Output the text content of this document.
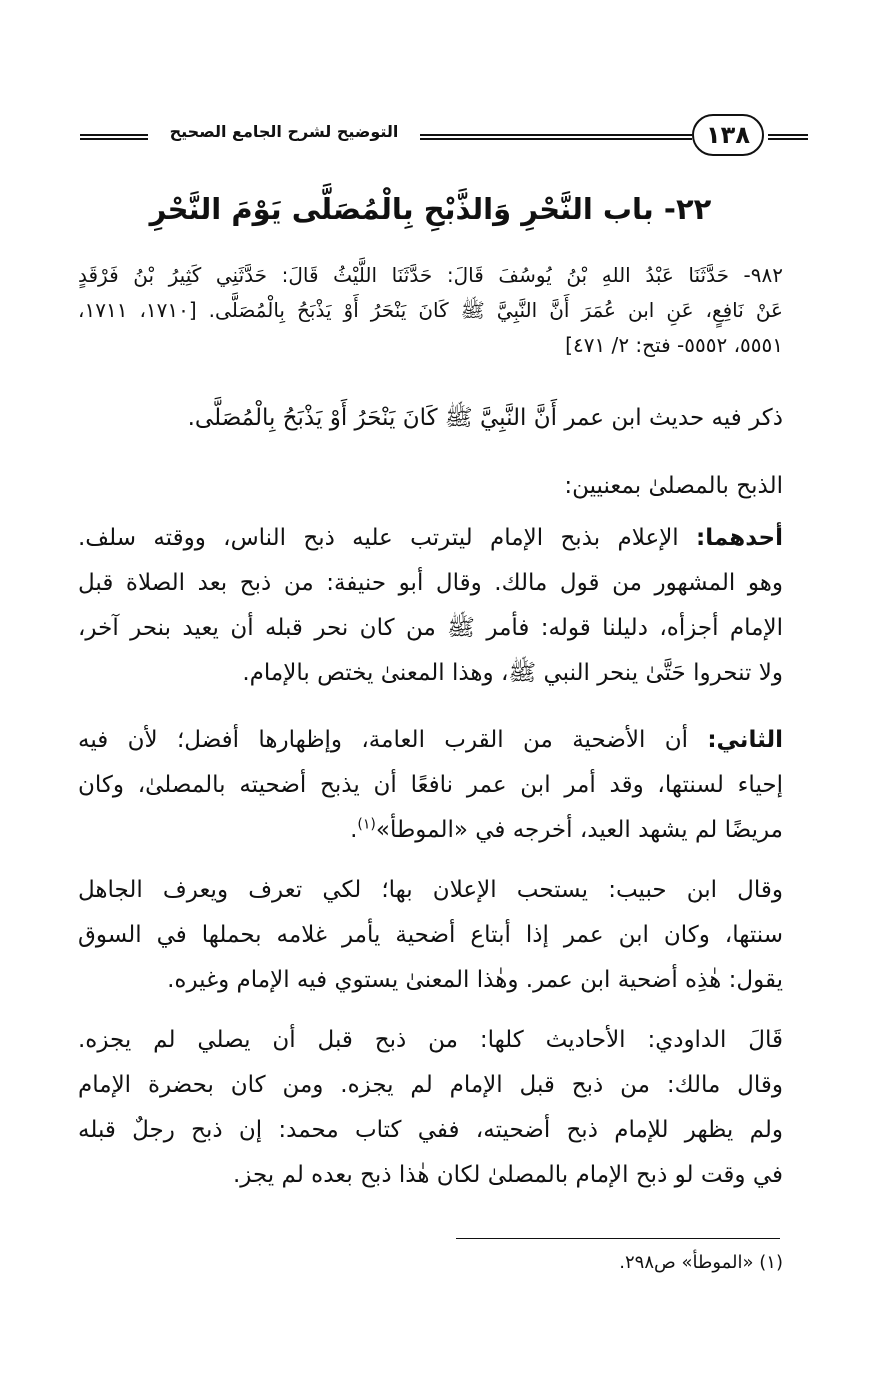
التوضيح لشرح الجامع الصحيح	١٣٨
٢٢- باب النَّحْرِ وَالذَّبْحِ بِالْمُصَلَّى يَوْمَ النَّحْرِ
٩٨٢- حَدَّثَنَا عَبْدُ اللهِ بْنُ يُوسُفَ قَالَ: حَدَّثَنَا اللَّيْثُ قَالَ: حَدَّثَنِي كَثِيرُ بْنُ فَرْقَدٍ
عَنْ نَافِعٍ، عَنِ ابن عُمَرَ أَنَّ النَّبِيَّ ﷺ كَانَ يَنْحَرُ أَوْ يَذْبَحُ بِالْمُصَلَّى. [١٧١٠، ١٧١١،
٥٥٥١، ٥٥٥٢- فتح: ٢/ ٤٧١]
ذكر فيه حديث ابن عمر أَنَّ النَّبِيَّ ﷺ كَانَ يَنْحَرُ أَوْ يَذْبَحُ بِالْمُصَلَّى.
الذبح بالمصلىٰ بمعنيين:
أحدهما: الإعلام بذبح الإمام ليترتب عليه ذبح الناس، ووقته سلف.
وهو المشهور من قول مالك. وقال أبو حنيفة: من ذبح بعد الصلاة قبل
الإمام أجزأه، دليلنا قوله: فأمر ﷺ من كان نحر قبله أن يعيد بنحر آخر،
ولا تنحروا حَتَّىٰ ينحر النبي ﷺ، وهذا المعنىٰ يختص بالإمام.
الثاني: أن الأضحية من القرب العامة، وإظهارها أفضل؛ لأن فيه
إحياء لسنتها، وقد أمر ابن عمر نافعًا أن يذبح أضحيته بالمصلىٰ، وكان
مريضًا لم يشهد العيد، أخرجه في «الموطأ»$^{(١)}$.
وقال ابن حبيب: يستحب الإعلان بها؛ لكي تعرف ويعرف الجاهل
سنتها، وكان ابن عمر إذا أبتاع أضحية يأمر غلامه بحملها في السوق
يقول: هٰذِه أضحية ابن عمر. وهٰذا المعنىٰ يستوي فيه الإمام وغيره.
قَالَ الداودي: الأحاديث كلها: من ذبح قبل أن يصلي لم يجزه.
وقال مالك: من ذبح قبل الإمام لم يجزه. ومن كان بحضرة الإمام
ولم يظهر للإمام ذبح أضحيته، ففي كتاب محمد: إن ذبح رجلٌ قبله
في وقت لو ذبح الإمام بالمصلىٰ لكان هٰذا ذبح بعده لم يجز.
(١) «الموطأ» ص٢٩٨.
